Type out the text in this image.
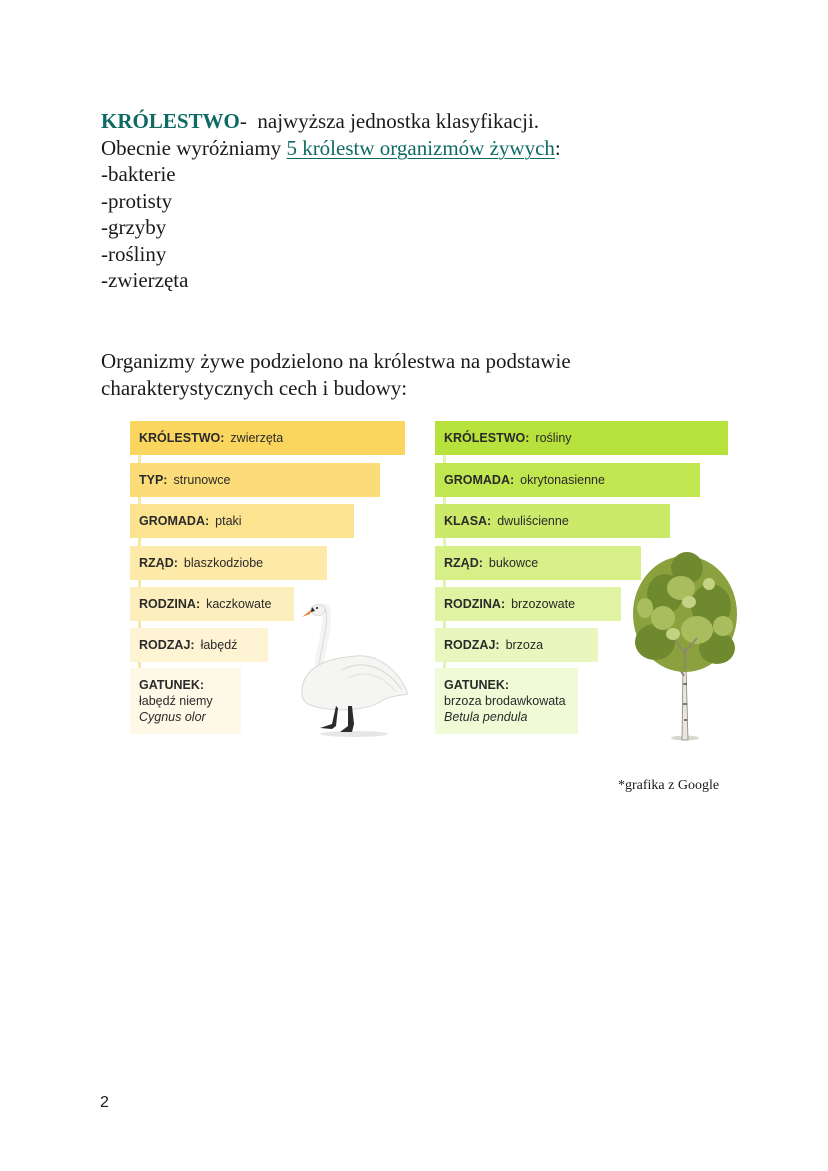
KRÓLESTWO-  najwyższa jednostka klasyfikacji.
Obecnie wyróżniamy 5 królestw organizmów żywych:
-bakterie
-protisty
-grzyby
-rośliny
-zwierzęta
Organizmy żywe podzielono na królestwa na podstawie
charakterystycznych cech i budowy:
KRÓLESTWO: zwierzęta
TYP: strunowce
GROMADA: ptaki
RZĄD: blaszkodziobe
RODZINA: kaczkowate
RODZAJ: łabędź
GATUNEK:
łabędź niemy
Cygnus olor
KRÓLESTWO: rośliny
GROMADA: okrytonasienne
KLASA: dwuliścienne
RZĄD: bukowce
RODZINA: brzozowate
RODZAJ: brzoza
GATUNEK:
brzoza brodawkowata
Betula pendula
*grafika z Google
2
